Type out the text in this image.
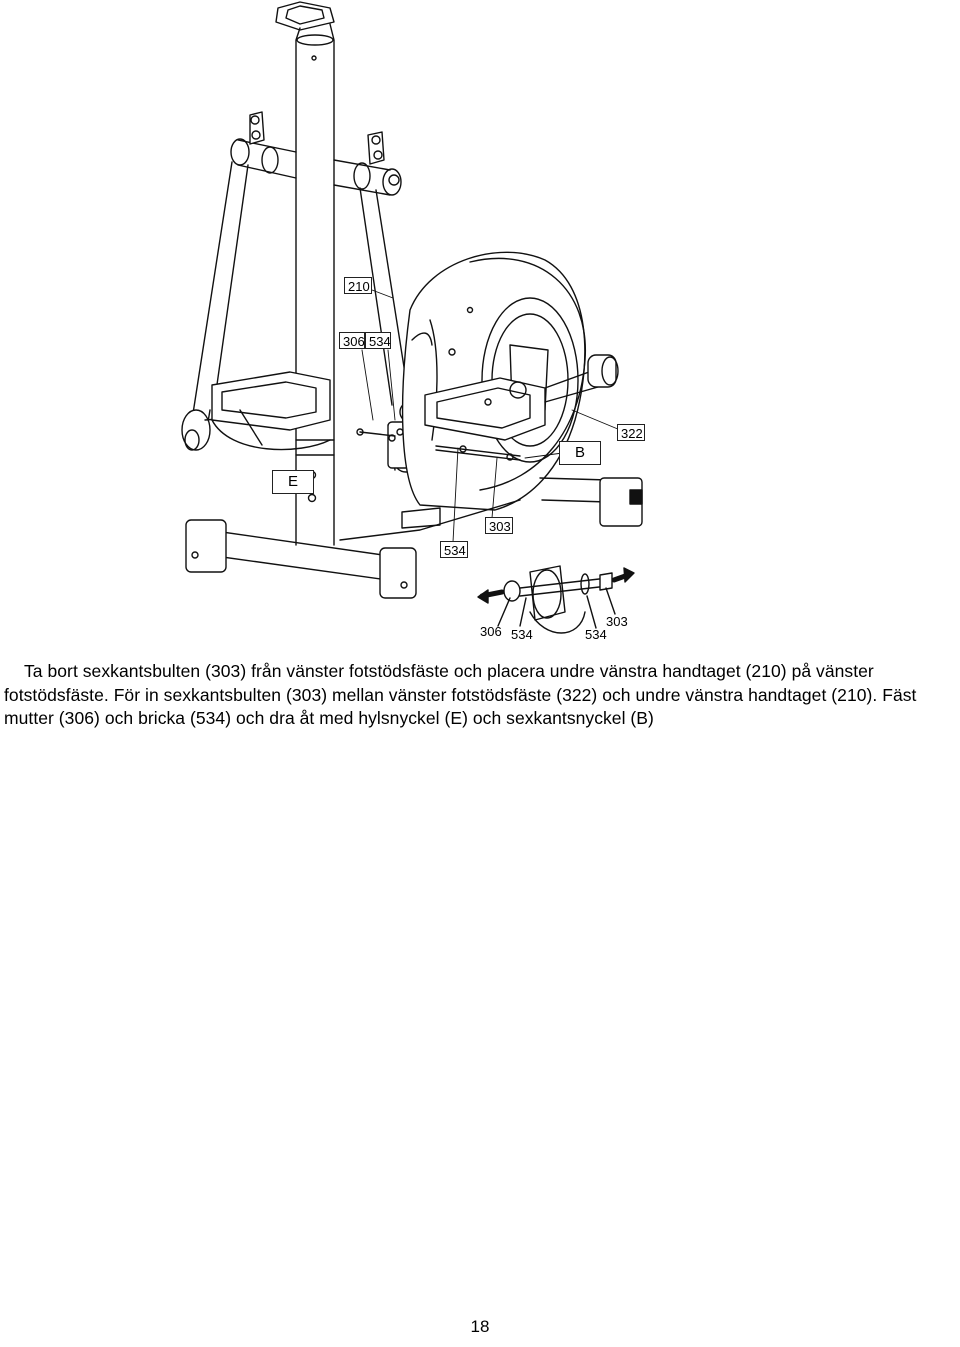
210
306 534
322
B
E
303
534
306 534	534
303

Ta bort sexkantsbulten (303) från vänster fotstödsfäste och placera undre vänstra handtaget (210) på vänster fotstödsfäste. För in sexkantsbulten (303) mellan vänster fotstödsfäste (322) och undre vänstra handtaget (210). Fäst mutter (306) och bricka (534) och dra åt med hylsnyckel (E) och sexkantsnyckel (B)

18
